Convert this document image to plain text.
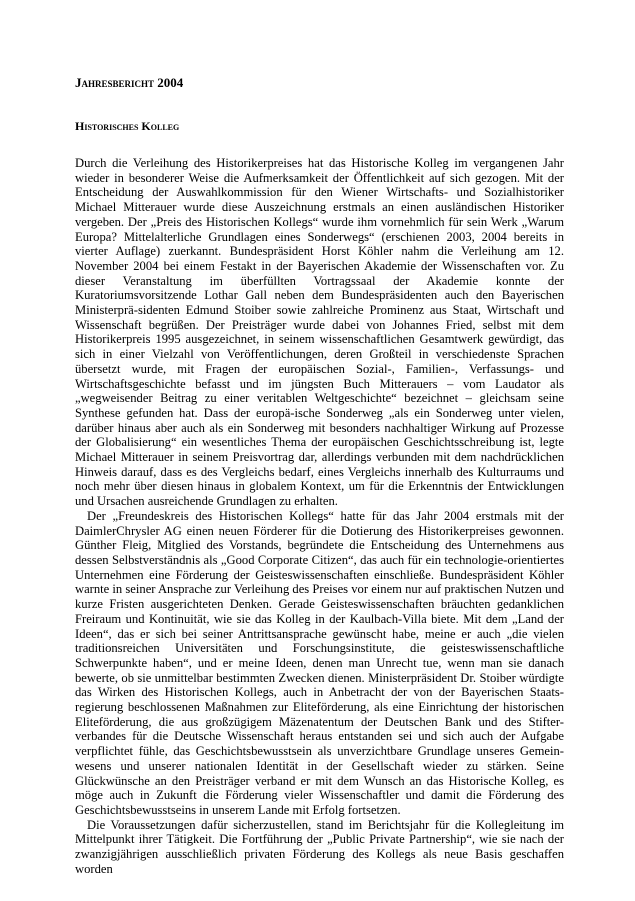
Jahresbericht 2004
Historisches Kolleg

Durch die Verleihung des Historikerpreises hat das Historische Kolleg im vergangenen Jahr wieder in besonderer Weise die Aufmerksamkeit der Öffentlichkeit auf sich gezogen. Mit der Entscheidung der Auswahlkommission für den Wiener Wirtschafts- und Sozialhistoriker Michael Mitterauer wurde diese Auszeichnung erstmals an einen ausländischen Historiker vergeben. Der „Preis des Historischen Kollegs“ wurde ihm vornehmlich für sein Werk „Warum Europa? Mittelalterliche Grundlagen eines Sonderwegs“ (erschienen 2003, 2004 bereits in vierter Auflage) zuerkannt. Bundespräsident Horst Köhler nahm die Verleihung am 12. November 2004 bei einem Festakt in der Bayerischen Akademie der Wissenschaften vor. Zu dieser Veranstaltung im überfüllten Vortragssaal der Akademie konnte der Kuratoriumsvorsitzende Lothar Gall neben dem Bundespräsidenten auch den Bayerischen Ministerprä-sidenten Edmund Stoiber sowie zahlreiche Prominenz aus Staat, Wirtschaft und Wissenschaft begrüßen. Der Preisträger wurde dabei von Johannes Fried, selbst mit dem Historikerpreis 1995 ausgezeichnet, in seinem wissenschaftlichen Gesamtwerk gewürdigt, das sich in einer Vielzahl von Veröffentlichungen, deren Großteil in verschiedenste Sprachen übersetzt wurde, mit Fragen der europäischen Sozial-, Familien-, Verfassungs- und Wirtschaftsgeschichte befasst und im jüngsten Buch Mitterauers – vom Laudator als „wegweisender Beitrag zu einer veritablen Weltgeschichte“ bezeichnet – gleichsam seine Synthese gefunden hat. Dass der europä-ische Sonderweg „als ein Sonderweg unter vielen, darüber hinaus aber auch als ein Sonderweg mit besonders nachhaltiger Wirkung auf Prozesse der Globalisierung“ ein wesentliches Thema der europäischen Geschichtsschreibung ist, legte Michael Mitterauer in seinem Preisvortrag dar, allerdings verbunden mit dem nachdrücklichen Hinweis darauf, dass es des Vergleichs bedarf, eines Vergleichs innerhalb des Kulturraums und noch mehr über diesen hinaus in globalem Kontext, um für die Erkenntnis der Entwicklungen und Ursachen ausreichende Grundlagen zu erhalten.

Der „Freundeskreis des Historischen Kollegs“ hatte für das Jahr 2004 erstmals mit der DaimlerChrysler AG einen neuen Förderer für die Dotierung des Historikerpreises gewonnen. Günther Fleig, Mitglied des Vorstands, begründete die Entscheidung des Unternehmens aus dessen Selbstverständnis als „Good Corporate Citizen“, das auch für ein technologie-orientiertes Unternehmen eine Förderung der Geisteswissenschaften einschließe. Bundespräsident Köhler warnte in seiner Ansprache zur Verleihung des Preises vor einem nur auf praktischen Nutzen und kurze Fristen ausgerichteten Denken. Gerade Geisteswissenschaften bräuchten gedanklichen Freiraum und Kontinuität, wie sie das Kolleg in der Kaulbach-Villa biete. Mit dem „Land der Ideen“, das er sich bei seiner Antrittsansprache gewünscht habe, meine er auch „die vielen traditionsreichen Universitäten und Forschungsinstitute, die geisteswissenschaftliche Schwerpunkte haben“, und er meine Ideen, denen man Unrecht tue, wenn man sie danach bewerte, ob sie unmittelbar bestimmten Zwecken dienen. Ministerpräsident Dr. Stoiber würdigte das Wirken des Historischen Kollegs, auch in Anbetracht der von der Bayerischen Staats-regierung beschlossenen Maßnahmen zur Eliteförderung, als eine Einrichtung der historischen Eliteförderung, die aus großzügigem Mäzenatentum der Deutschen Bank und des Stifter-verbandes für die Deutsche Wissenschaft heraus entstanden sei und sich auch der Aufgabe verpflichtet fühle, das Geschichtsbewusstsein als unverzichtbare Grundlage unseres Gemein-wesens und unserer nationalen Identität in der Gesellschaft wieder zu stärken. Seine Glückwünsche an den Preisträger verband er mit dem Wunsch an das Historische Kolleg, es möge auch in Zukunft die Förderung vieler Wissenschaftler und damit die Förderung des Geschichtsbewusstseins in unserem Lande mit Erfolg fortsetzen.

Die Voraussetzungen dafür sicherzustellen, stand im Berichtsjahr für die Kollegleitung im Mittelpunkt ihrer Tätigkeit. Die Fortführung der „Public Private Partnership“, wie sie nach der zwanzigjährigen ausschließlich privaten Förderung des Kollegs als neue Basis geschaffen worden
